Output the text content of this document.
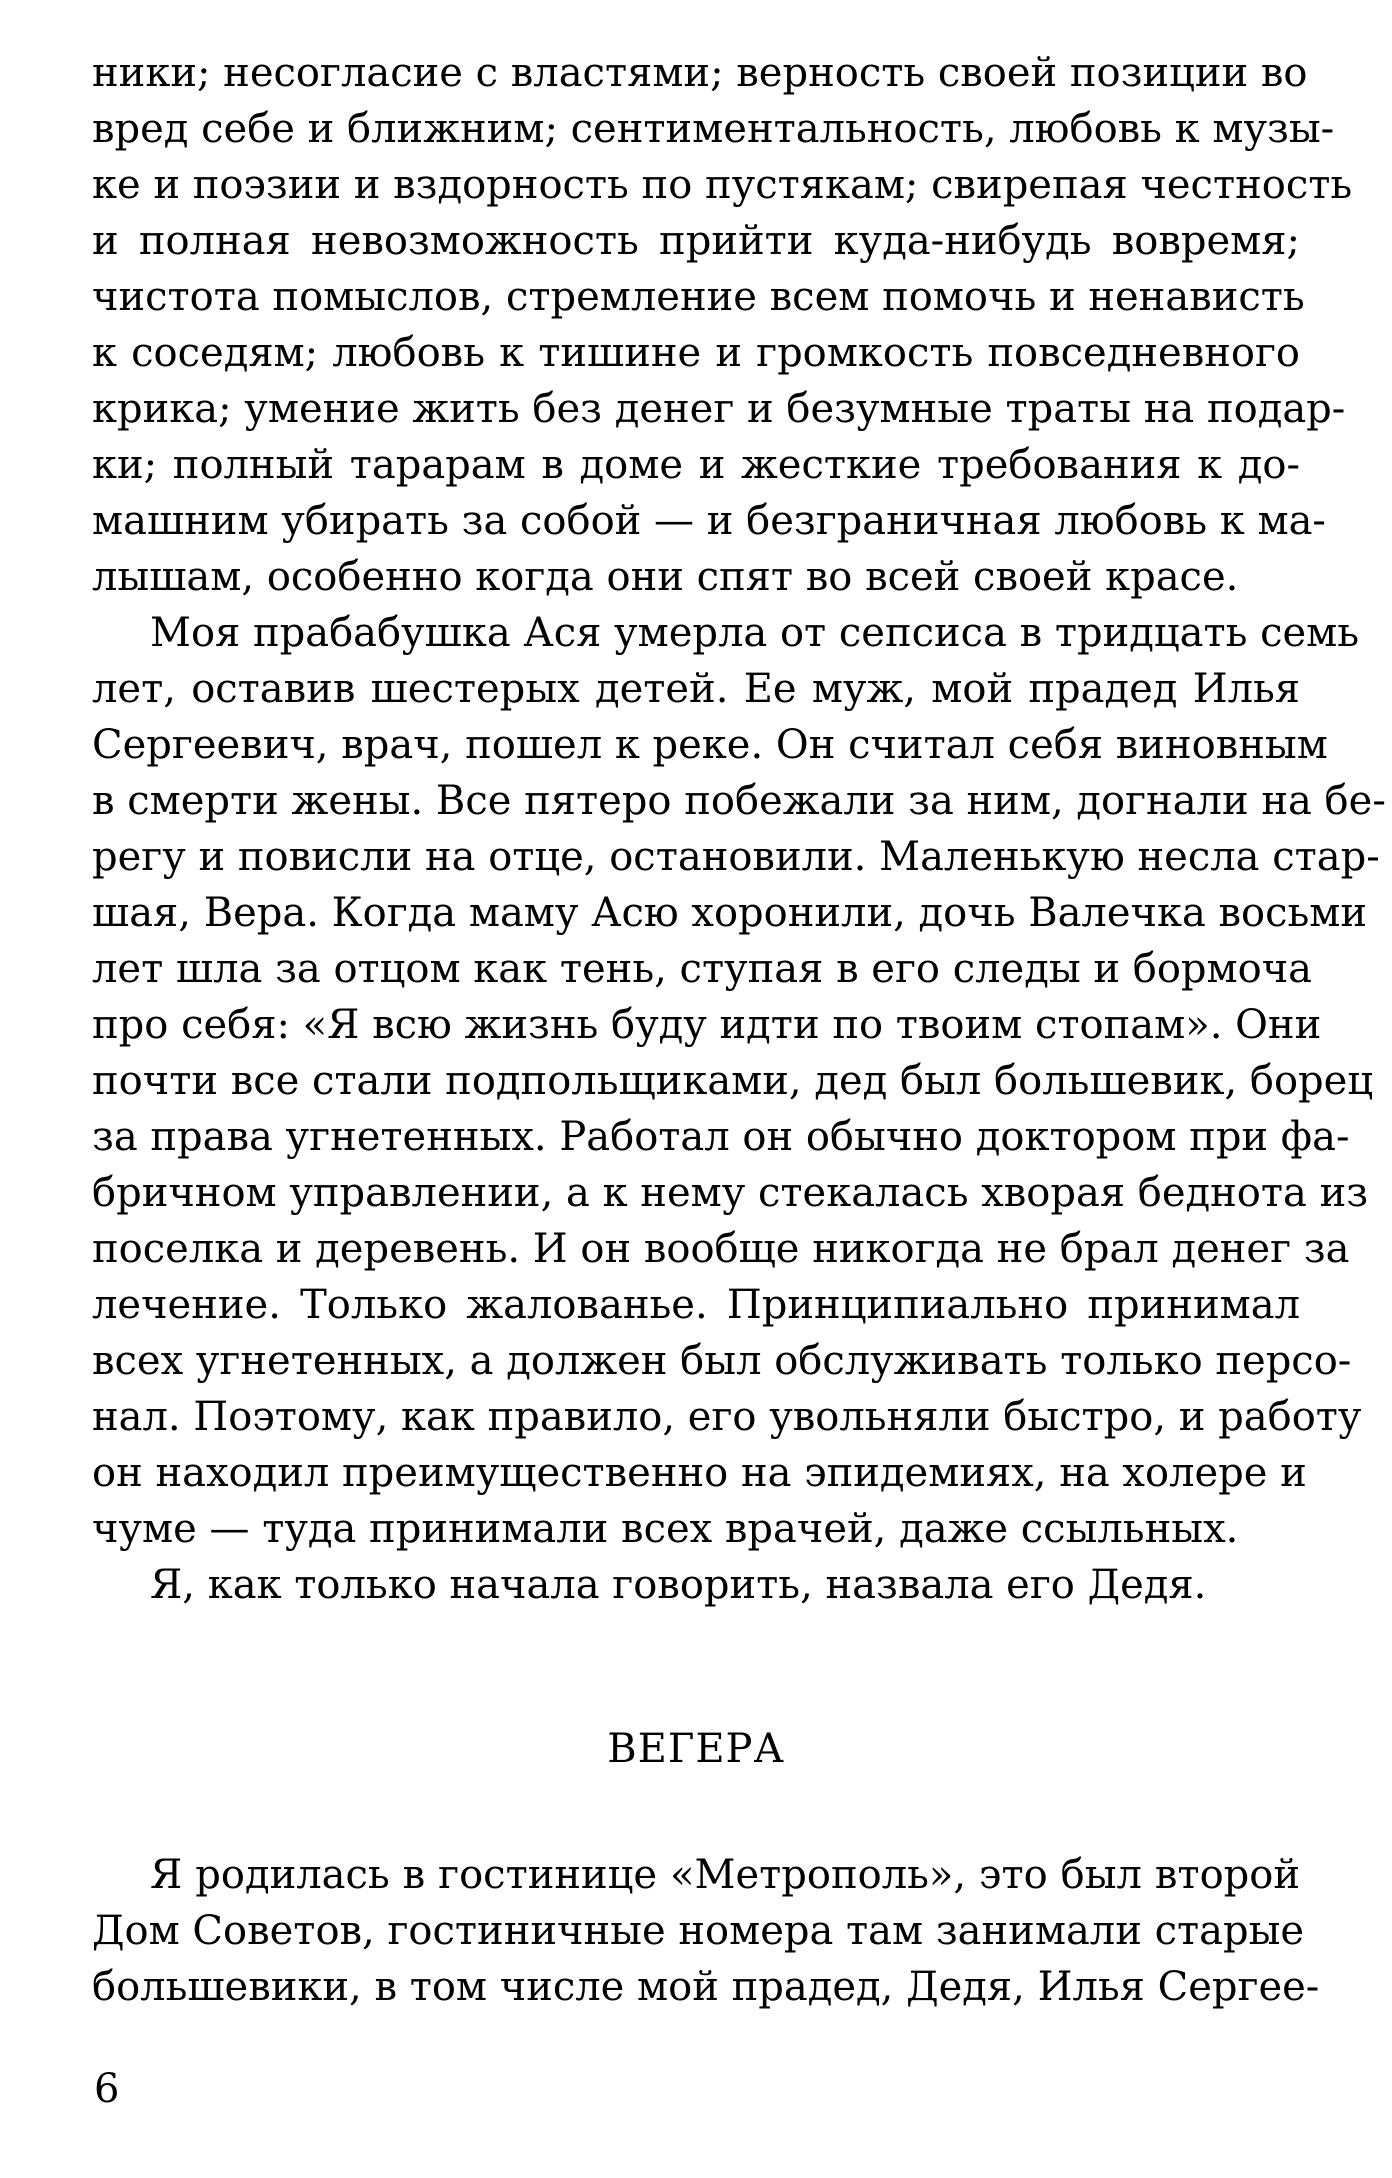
ники; несогласие с властями; верность своей позиции во
вред себе и ближним; сентиментальность, любовь к музы-
ке и поэзии и вздорность по пустякам; свирепая честность
и полная невозможность прийти куда-нибудь вовремя;
чистота помыслов, стремление всем помочь и ненависть
к соседям; любовь к тишине и громкость повседневного
крика; умение жить без денег и безумные траты на подар-
ки; полный тарарам в доме и жесткие требования к до-
машним убирать за собой — и безграничная любовь к ма-
лышам, особенно когда они спят во всей своей красе.
Моя прабабушка Ася умерла от сепсиса в тридцать семь
лет, оставив шестерых детей. Ее муж, мой прадед Илья
Сергеевич, врач, пошел к реке. Он считал себя виновным
в смерти жены. Все пятеро побежали за ним, догнали на бе-
регу и повисли на отце, остановили. Маленькую несла стар-
шая, Вера. Когда маму Асю хоронили, дочь Валечка восьми
лет шла за отцом как тень, ступая в его следы и бормоча
про себя: «Я всю жизнь буду идти по твоим стопам». Они
почти все стали подпольщиками, дед был большевик, борец
за права угнетенных. Работал он обычно доктором при фа-
бричном управлении, а к нему стекалась хворая беднота из
поселка и деревень. И он вообще никогда не брал денег за
лечение. Только жалованье. Принципиально принимал
всех угнетенных, а должен был обслуживать только персо-
нал. Поэтому, как правило, его увольняли быстро, и работу
он находил преимущественно на эпидемиях, на холере и
чуме — туда принимали всех врачей, даже ссыльных.
Я, как только начала говорить, назвала его Дедя.
ВЕГЕРА
Я родилась в гостинице «Метрополь», это был второй
Дом Советов, гостиничные номера там занимали старые
большевики, в том числе мой прадед, Дедя, Илья Сергее-
6
